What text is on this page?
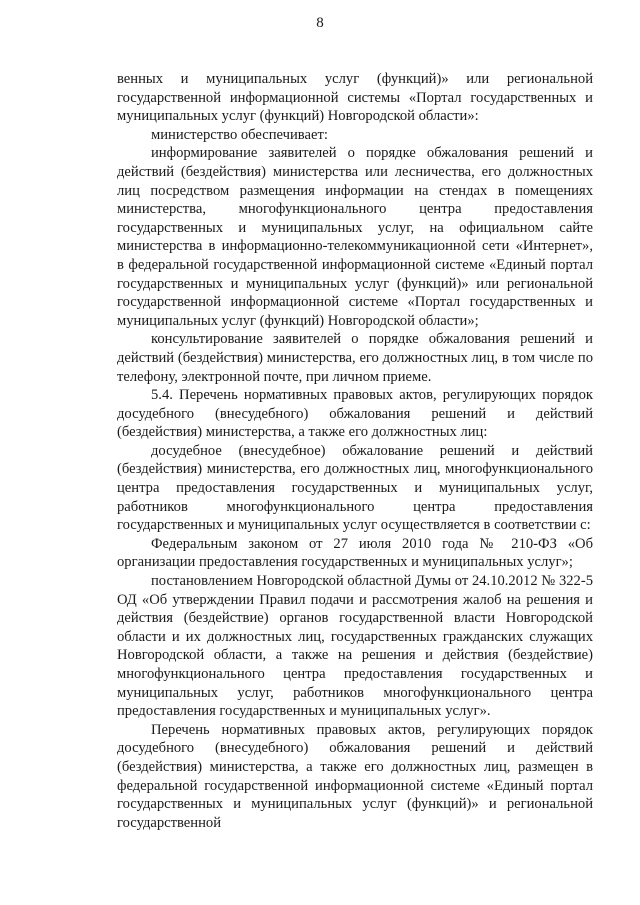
8

венных и муниципальных услуг (функций)» или региональной государственной информационной системы «Портал государственных и муниципальных услуг (функций) Новгородской области»:

министерство обеспечивает:

информирование заявителей о порядке обжалования решений и действий (бездействия) министерства или лесничества, его должностных лиц посредством размещения информации на стендах в помещениях министерства, многофункционального центра предоставления государственных и муниципальных услуг, на официальном сайте министерства в информационно-телекоммуникационной сети «Интернет», в федеральной государственной информационной системе «Единый портал государственных и муниципальных услуг (функций)» или региональной государственной информационной системе «Портал государственных и муниципальных услуг (функций) Новгородской области»;

консультирование заявителей о порядке обжалования решений и действий (бездействия) министерства, его должностных лиц, в том числе по телефону, электронной почте, при личном приеме.

5.4. Перечень нормативных правовых актов, регулирующих порядок досудебного (внесудебного) обжалования решений и действий (бездействия) министерства, а также его должностных лиц:

досудебное (внесудебное) обжалование решений и действий (бездействия) министерства, его должностных лиц, многофункционального центра предоставления государственных и муниципальных услуг, работников многофункционального центра предоставления государственных и муниципальных услуг осуществляется в соответствии с:

Федеральным законом от 27 июля 2010 года № 210-ФЗ «Об организации предоставления государственных и муниципальных услуг»;

постановлением Новгородской областной Думы от 24.10.2012 № 322-5 ОД «Об утверждении Правил подачи и рассмотрения жалоб на решения и действия (бездействие) органов государственной власти Новгородской области и их должностных лиц, государственных гражданских служащих Новгородской области, а также на решения и действия (бездействие) многофункционального центра предоставления государственных и муниципальных услуг, работников многофункционального центра предоставления государственных и муниципальных услуг».

Перечень нормативных правовых актов, регулирующих порядок досудебного (внесудебного) обжалования решений и действий (бездействия) министерства, а также его должностных лиц, размещен в федеральной государственной информационной системе «Единый портал государственных и муниципальных услуг (функций)» и региональной государственной
